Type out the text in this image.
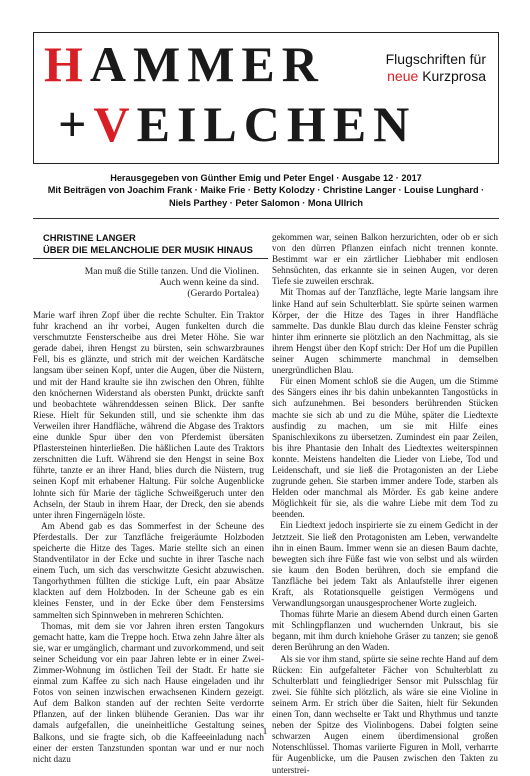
HAMMER
+VEILCHEN
Flugschriften für
neue Kurzprosa
Herausgegeben von Günther Emig und Peter Engel · Ausgabe 12 · 2017
Mit Beiträgen von Joachim Frank · Maike Frie · Betty Kolodzy · Christine Langer · Louise Lunghard ·
Niels Parthey · Peter Salomon · Mona Ullrich
CHRISTINE LANGER
ÜBER DIE MELANCHOLIE DER MUSIK HINAUS
Man muß die Stille tanzen. Und die Violinen.
Auch wenn keine da sind.
(Gerardo Portalea)

Marie warf ihren Zopf über die rechte Schulter. Ein Traktor fuhr krachend an ihr vorbei, Augen funkelten durch die verschmutzte Fensterscheibe aus drei Meter Höhe. Sie war gerade dabei, ihren Hengst zu bürsten, sein schwarzbraunes Fell, bis es glänzte, und strich mit der weichen Kardätsche langsam über seinen Kopf, unter die Augen, über die Nüstern, und mit der Hand kraulte sie ihn zwischen den Ohren, fühlte den knöchernen Widerstand als obersten Punkt, drückte sanft und beobachtete währenddessen seinen Blick. Der sanfte Riese. Hielt für Sekunden still, und sie schenkte ihm das Verweilen ihrer Handfläche, während die Abgase des Traktors eine dunkle Spur über den von Pferdemist übersäten Pflastersteinen hinterließen. Die häßlichen Laute des Traktors zerschnitten die Luft. Während sie den Hengst in seine Box führte, tanzte er an ihrer Hand, blies durch die Nüstern, trug seinen Kopf mit erhabener Haltung. Für solche Augenblicke lohnte sich für Marie der tägliche Schweißgeruch unter den Achseln, der Staub in ihrem Haar, der Dreck, den sie abends unter ihren Fingernägeln löste.

Am Abend gab es das Sommerfest in der Scheune des Pferdestalls. Der zur Tanzfläche freigeräumte Holzboden speicherte die Hitze des Tages. Marie stellte sich an einen Standventilator in der Ecke und suchte in ihrer Tasche nach einem Tuch, um sich das verschwitzte Gesicht abzuwischen. Tangorhythmen füllten die stickige Luft, ein paar Absätze klackten auf dem Holzboden. In der Scheune gab es ein kleines Fenster, und in der Ecke über dem Fenstersims sammelten sich Spinnweben in mehreren Schichten.

Thomas, mit dem sie vor Jahren ihren ersten Tangokurs gemacht hatte, kam die Treppe hoch. Etwa zehn Jahre älter als sie, war er umgänglich, charmant und zuvorkommend, und seit seiner Scheidung vor ein paar Jahren lebte er in einer Zwei-Zimmer-Wohnung im östlichen Teil der Stadt. Er hatte sie einmal zum Kaffee zu sich nach Hause eingeladen und ihr Fotos von seinen inzwischen erwachsenen Kindern gezeigt. Auf dem Balkon standen auf der rechten Seite verdorrte Pflanzen, auf der linken blühende Geranien. Das war ihr damals aufgefallen, die uneinheitliche Gestaltung seines Balkons, und sie fragte sich, ob die Kaffeeeinladung nach einer der ersten Tanzstunden spontan war und er nur noch nicht dazu

gekommen war, seinen Balkon herzurichten, oder ob er sich von den dürren Pflanzen einfach nicht trennen konnte. Bestimmt war er ein zärtlicher Liebhaber mit endlosen Sehnsüchten, das erkannte sie in seinen Augen, vor deren Tiefe sie zuweilen erschrak.

Mit Thomas auf der Tanzfläche, legte Marie langsam ihre linke Hand auf sein Schulterblatt. Sie spürte seinen warmen Körper, der die Hitze des Tages in ihrer Handfläche sammelte. Das dunkle Blau durch das kleine Fenster schräg hinter ihm erinnerte sie plötzlich an den Nachmittag, als sie ihrem Hengst über den Kopf strich: Der Hof um die Pupillen seiner Augen schimmerte manchmal in demselben unergründlichen Blau.

Für einen Moment schloß sie die Augen, um die Stimme des Sängers eines ihr bis dahin unbekannten Tangostücks in sich aufzunehmen. Bei besonders berührenden Stücken machte sie sich ab und zu die Mühe, später die Liedtexte ausfindig zu machen, um sie mit Hilfe eines Spanischlexikons zu übersetzen. Zumindest ein paar Zeilen, bis ihre Phantasie den Inhalt des Liedtextes weiterspinnen konnte. Meistens handelten die Lieder von Liebe, Tod und Leidenschaft, und sie ließ die Protagonisten an der Liebe zugrunde gehen. Sie starben immer andere Tode, starben als Helden oder manchmal als Mörder. Es gab keine andere Möglichkeit für sie, als die wahre Liebe mit dem Tod zu beenden.

Ein Liedtext jedoch inspirierte sie zu einem Gedicht in der Jetztzeit. Sie ließ den Protagonisten am Leben, verwandelte ihn in einen Baum. Immer wenn sie an diesen Baum dachte, bewegten sich ihre Füße fast wie von selbst und als würden sie kaum den Boden berühren, doch sie empfand die Tanzfläche bei jedem Takt als Anlaufstelle ihrer eigenen Kraft, als Rotationsquelle geistigen Vermögens und Verwandlungsorgan unausgesprochener Worte zugleich.

Thomas führte Marie an diesem Abend durch einen Garten mit Schlingpflanzen und wuchernden Unkraut, bis sie begann, mit ihm durch kniehohe Gräser zu tanzen; sie genoß deren Berührung an den Waden.

Als sie vor ihm stand, spürte sie seine rechte Hand auf dem Rücken: Ein aufgefalteter Fächer von Schulterblatt zu Schulterblatt und feingliedriger Sensor mit Pulsschlag für zwei. Sie fühlte sich plötzlich, als wäre sie eine Violine in seinem Arm. Er strich über die Saiten, hielt für Sekunden einen Ton, dann wechselte er Takt und Rhythmus und tanzte neben der Spitze des Violinbogens. Dabei folgten seine schwarzen Augen einem überdimensional großen Notenschlüssel. Thomas variierte Figuren in Moll, verharrte für Augenblicke, um die Pausen zwischen den Takten zu unterstrei-

1
